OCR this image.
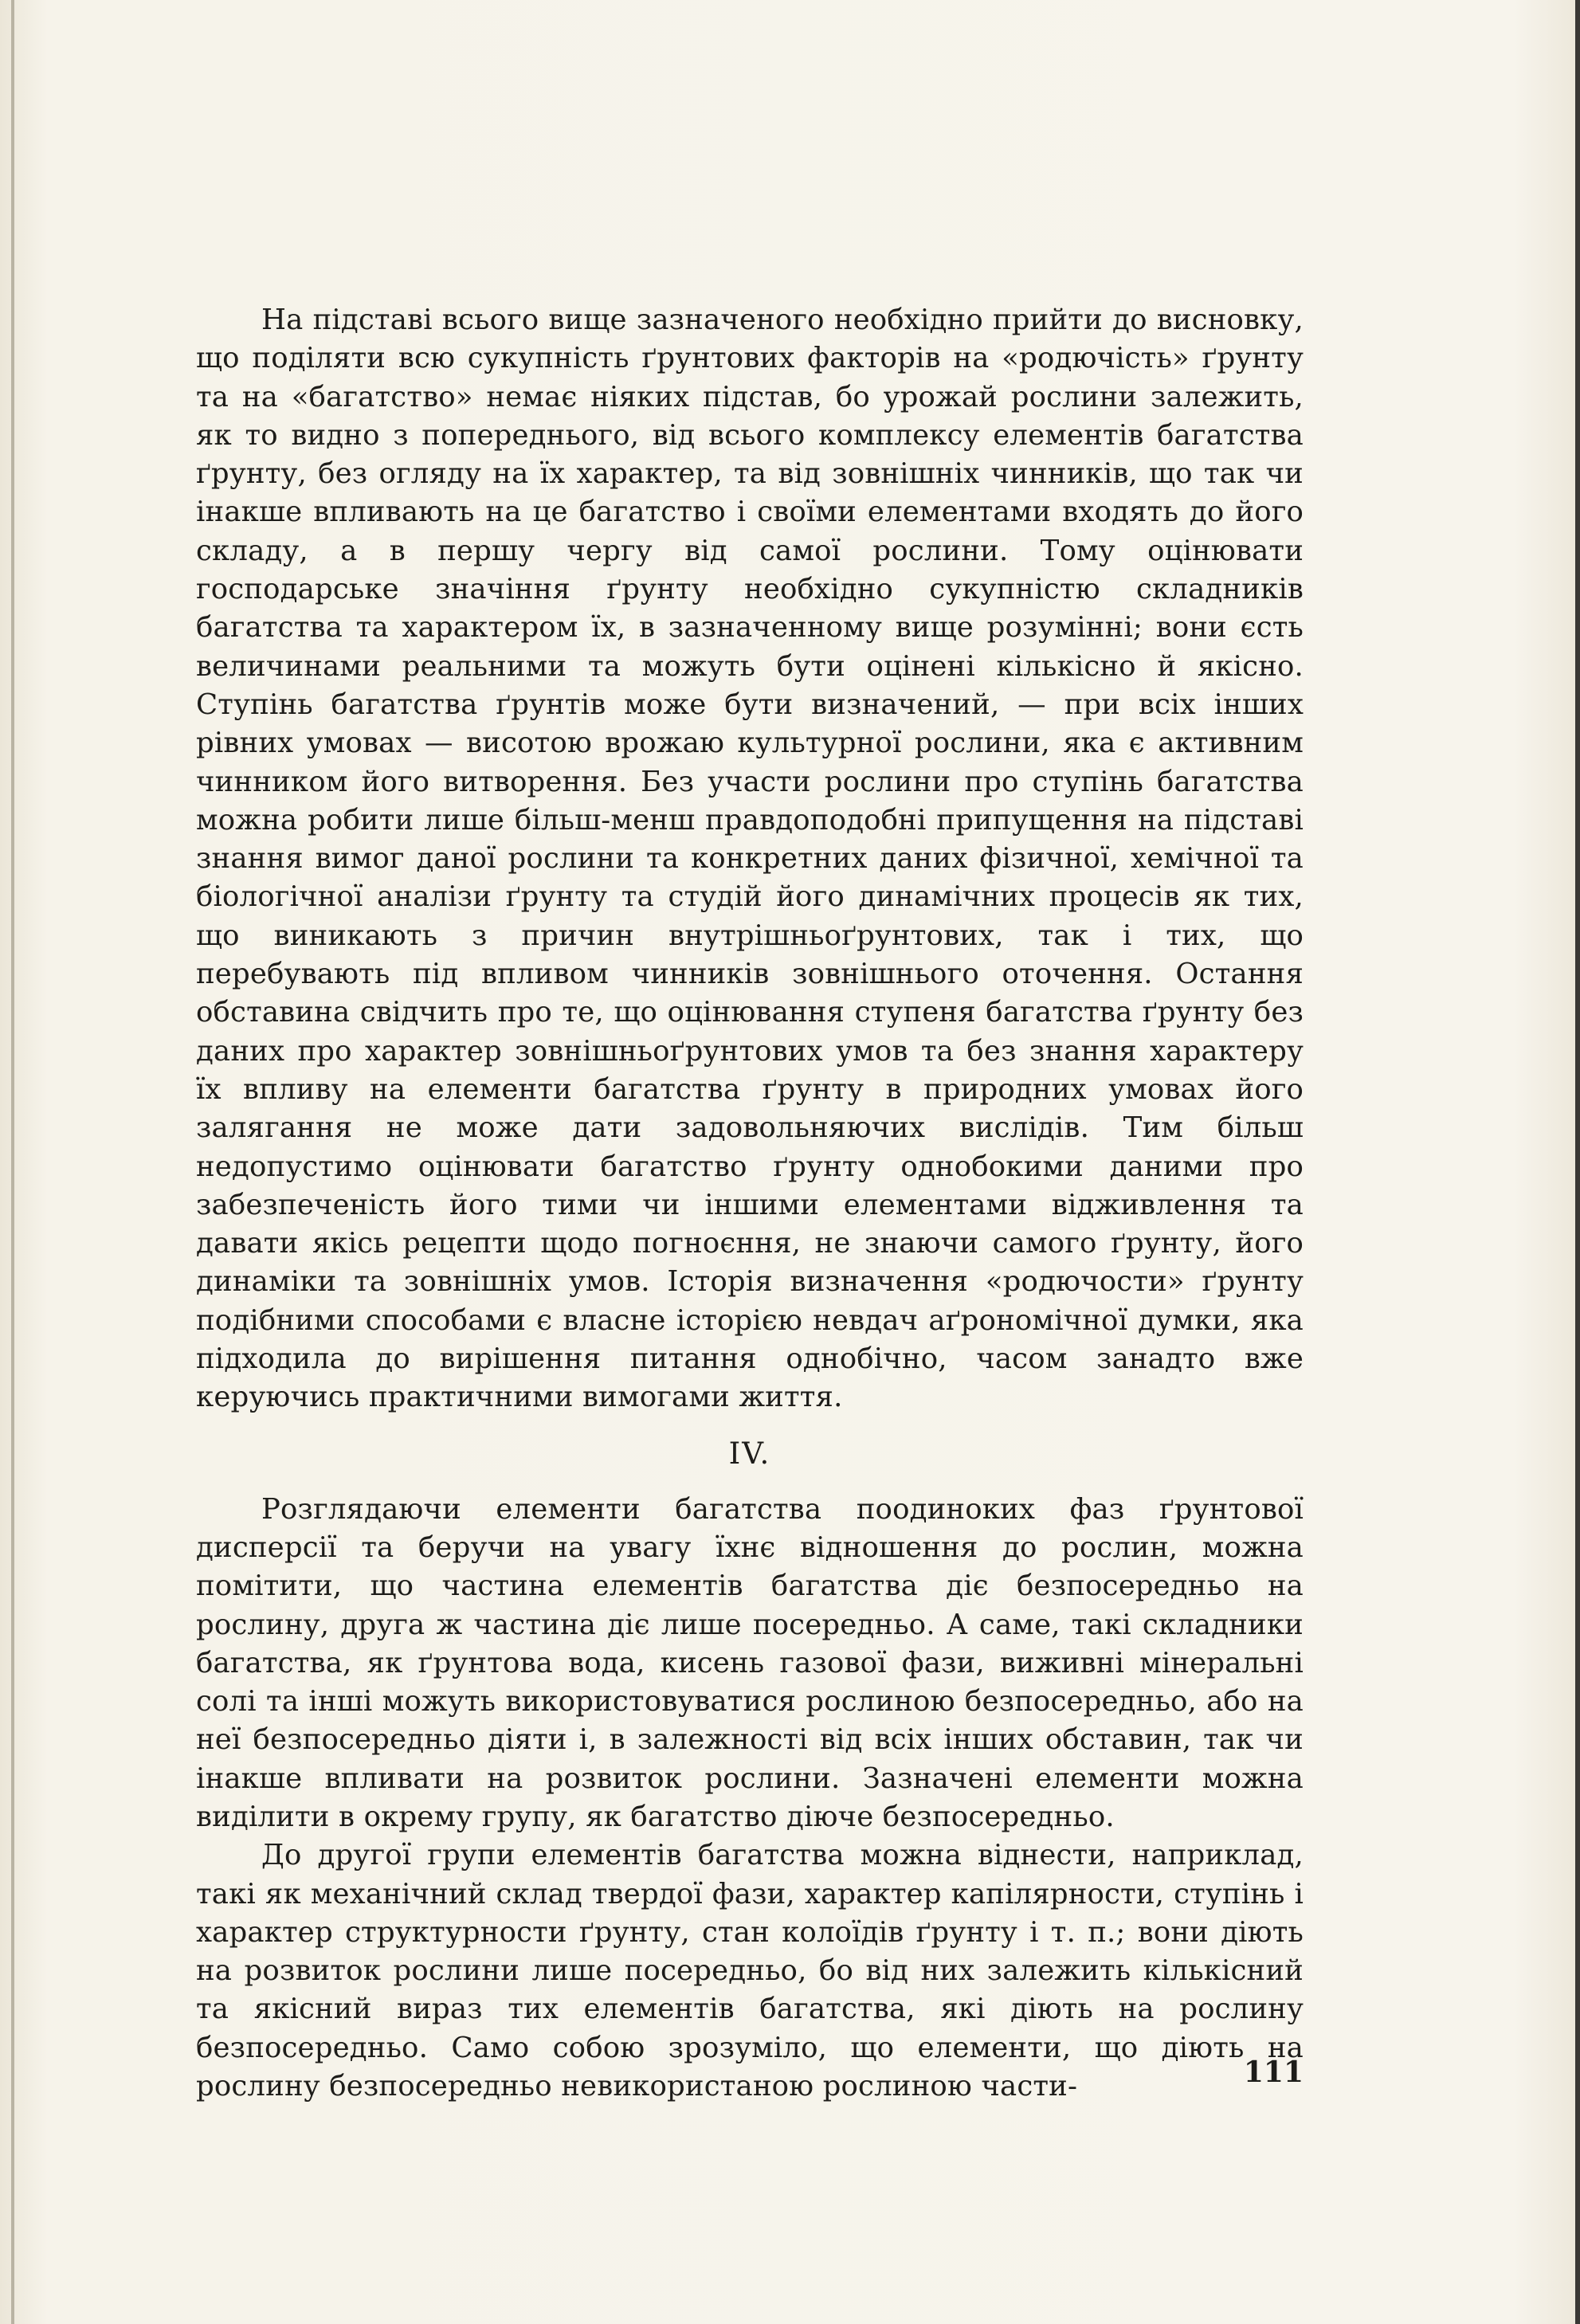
На підставі всього вище зазначеного необхідно прийти до висновку, що поділяти всю сукупність ґрунтових факторів на «родючість» ґрунту та на «багатство» немає ніяких підстав, бо урожай рослини залежить, як то видно з попереднього, від всього комплексу елементів багатства ґрунту, без огляду на їх характер, та від зовнішніх чинників, що так чи інакше впливають на це багатство і своїми елементами входять до його складу, а в першу чергу від самої рослини. Тому оцінювати господарське значіння ґрунту необхідно сукупністю складників багатства та характером їх, в зазначенному вище розумінні; вони єсть величинами реальними та можуть бути оцінені кількісно й якісно. Ступінь багатства ґрунтів може бути визначений, — при всіх інших рівних умовах — висотою врожаю культурної рослини, яка є активним чинником його витворення. Без участи рослини про ступінь багатства можна робити лише більш-менш правдоподобні припущення на підставі знання вимог даної рослини та конкретних даних фізичної, хемічної та біологічної аналізи ґрунту та студій його динамічних процесів як тих, що виникають з причин внутрішньоґрунтових, так і тих, що перебувають під впливом чинників зовнішнього оточення. Остання обставина свідчить про те, що оцінювання ступеня багатства ґрунту без даних про характер зовнішньоґрунтових умов та без знання характеру їх впливу на елементи багатства ґрунту в природних умовах його залягання не може дати задовольняючих вислідів. Тим більш недопустимо оцінювати багатство ґрунту однобокими даними про забезпеченість його тими чи іншими елементами відживлення та давати якісь рецепти щодо погноєння, не знаючи самого ґрунту, його динаміки та зовнішніх умов. Історія визначення «родючости» ґрунту подібними способами є власне історією невдач аґрономічної думки, яка підходила до вирішення питання однобічно, часом занадто вже керуючись практичними вимогами життя.

IV.

Розглядаючи елементи багатства поодиноких фаз ґрунтової дисперсії та беручи на увагу їхнє відношення до рослин, можна помітити, що частина елементів багатства діє безпосередньо на рослину, друга ж частина діє лише посередньо. А саме, такі складники багатства, як ґрунтова вода, кисень газової фази, виживні мінеральні солі та інші можуть використовуватися рослиною безпосередньо, або на неї безпосередньо діяти і, в залежності від всіх інших обставин, так чи інакше впливати на розвиток рослини. Зазначені елементи можна виділити в окрему групу, як багатство діюче безпосередньо.

До другої групи елементів багатства можна віднести, наприклад, такі як механічний склад твердої фази, характер капілярности, ступінь і характер структурности ґрунту, стан колоїдів ґрунту і т. п.; вони діють на розвиток рослини лише посередньо, бо від них залежить кількісний та якісний вираз тих елементів багатства, які діють на рослину безпосередньо. Само собою зрозуміло, що елементи, що діють на рослину безпосередньо невикористаною рослиною части-	111
